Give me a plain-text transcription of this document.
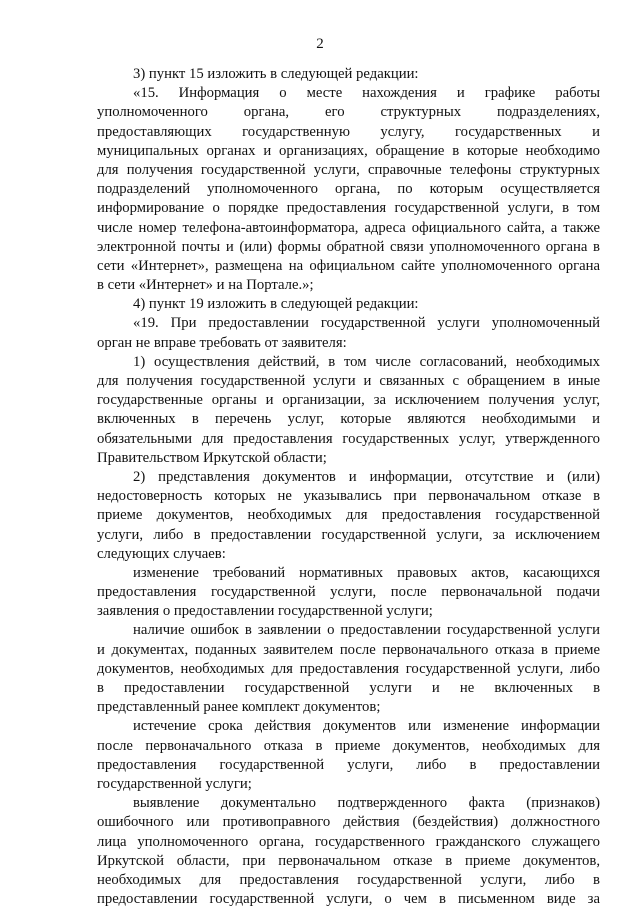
2
3) пункт 15 изложить в следующей редакции:
«15. Информация о месте нахождения и графике работы
уполномоченного органа, его структурных подразделениях,
предоставляющих государственную услугу, государственных и
муниципальных органах и организациях, обращение в которые необходимо
для получения государственной услуги, справочные телефоны структурных
подразделений уполномоченного органа, по которым осуществляется
информирование о порядке предоставления государственной услуги, в том
числе номер телефона-автоинформатора, адреса официального сайта, а также
электронной почты и (или) формы обратной связи уполномоченного органа в
сети «Интернет», размещена на официальном сайте уполномоченного органа
в сети «Интернет» и на Портале.»;
4) пункт 19 изложить в следующей редакции:
«19. При предоставлении государственной услуги уполномоченный
орган не вправе требовать от заявителя:
1) осуществления действий, в том числе согласований, необходимых
для получения государственной услуги и связанных с обращением в иные
государственные органы и организации, за исключением получения услуг,
включенных в перечень услуг, которые являются необходимыми и
обязательными для предоставления государственных услуг, утвержденного
Правительством Иркутской области;
2) представления документов и информации, отсутствие и (или)
недостоверность которых не указывались при первоначальном отказе в
приеме документов, необходимых для предоставления государственной
услуги, либо в предоставлении государственной услуги, за исключением
следующих случаев:
изменение требований нормативных правовых актов, касающихся
предоставления государственной услуги, после первоначальной подачи
заявления о предоставлении государственной услуги;
наличие ошибок в заявлении о предоставлении государственной услуги
и документах, поданных заявителем после первоначального отказа в приеме
документов, необходимых для предоставления государственной услуги, либо
в предоставлении государственной услуги и не включенных в
представленный ранее комплект документов;
истечение срока действия документов или изменение информации
после первоначального отказа в приеме документов, необходимых для
предоставления государственной услуги, либо в предоставлении
государственной услуги;
выявление документально подтвержденного факта (признаков)
ошибочного или противоправного действия (бездействия) должностного
лица уполномоченного органа, государственного гражданского служащего
Иркутской области, при первоначальном отказе в приеме документов,
необходимых для предоставления государственной услуги, либо в
предоставлении государственной услуги, о чем в письменном виде за
